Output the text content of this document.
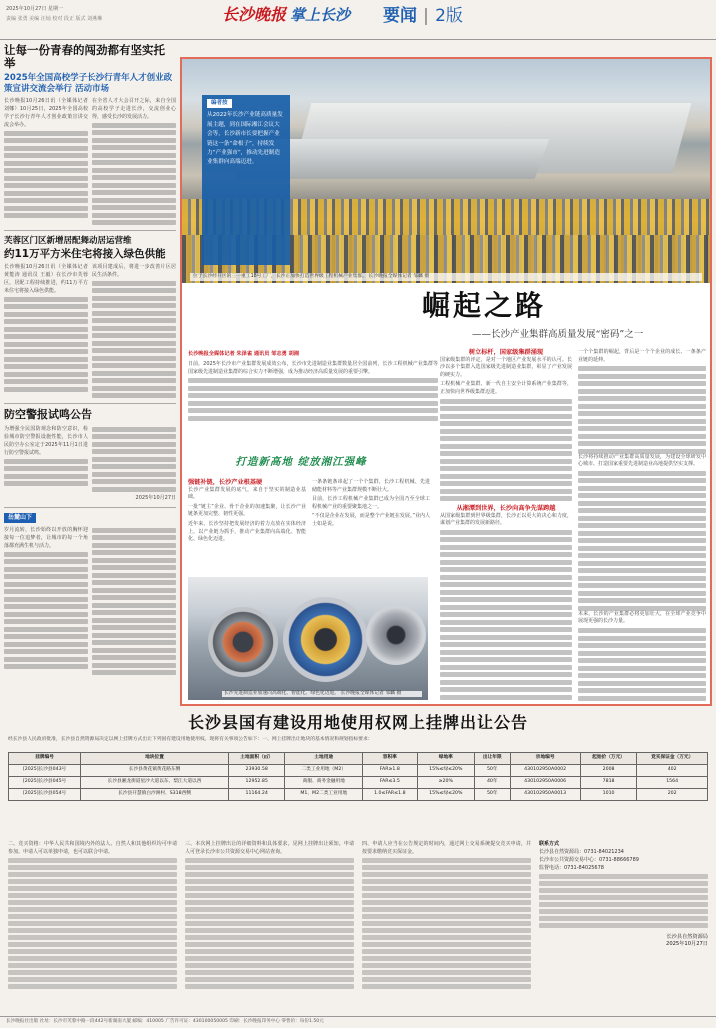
2025年10月27日 星期一
责编 张勇 美编 汪灿 校对 段正 版式 刘燕琳	长沙晚报 掌上长沙 要闻 | 2版
让每一份青春的闯劲都有坚实托举
2025年全国高校学子长沙行青年人才创业政策宣讲交流会举行 活动市场
长沙晚报10月26日讯（全媒体记者 刘娜）10月25日，2025年全国高校学子长沙行青年人才创业政策宣讲交流会举办。
在全省人才大会召开之际，来自全国的高校学子走进长沙，交流创业心得，感受长沙的发展活力。
芙蓉区门区新增居配舞动居运营维
约11万平方米住宅将接入绿色供能
长沙晚报10月26日讯（全媒体记者 黄能涛 通讯员 王毅）在长沙市芙蓉区，居配工程持续推进，约11万平方米住宅将接入绿色供能。
该项目建成后，将进一步改善片区居民生活条件。
防空警报试鸣公告
为增强全民国防观念和防空意识，检验城市防空警报设施性能，长沙市人民防空办公室定于2025年11月1日进行防空警报试鸣。
2025年10月27日
岳麓山下
岁月流转，长沙始终以开放的胸怀迎接每一位追梦者，让城市的每一个角落都充满生机与活力。
位于长沙经开区的三一重工18号工厂，长沙正加快打造世界级工程机械产业集群。 长沙晚报全媒体记者 邹麟 摄
编者按
从2022年长沙产业链高质量发展主题，到在国际湘江会议大会等，长沙新市长要把握产业链这一条“命根子”，持续发力“产业强市”，推动先进制造业集群向高端迈进。
崛起之路
——长沙产业集群高质量发展“密码”之一
长沙晚报全媒体记者 朱泽雀 通讯员 邹志勇 胡湘

日前，2025年长沙市产业集群发展成效公布，长沙市先进制造业集群数量居全国前列，长沙工程机械产业集群等国家级先进制造业集群的综合实力不断增强，成为推动经济高质量发展的重要引擎。

打造新高地 绽放湘江强峰
强链补链，长沙产业根基硬

长沙产业集群发展的底气，来自于坚实的制造业基础。

一批“链主”企业、骨干企业的加速集聚，让长沙产业链条更加完整、韧性更强。

近年来，长沙坚持把发展经济的着力点放在实体经济上，以产业链为抓手，推动产业集群向高端化、智能化、绿色化迈进。

一条条链条串起了一个个集群，长沙工程机械、先进储能材料等产业集群规模不断壮大。

目前，长沙工程机械产业集群已成为全国乃至全球工程机械产业的重要聚集地之一。

“不仅是企业在发展，而是整个产业链在发展。”业内人士如是说。

树立标杆，国家级集群涌现

国家级集群的评定，是对一个地区产业发展水平的认可。长沙以多个集群入选国家级先进制造业集群，彰显了产业发展的硬实力。

工程机械产业集群、新一代自主安全计算系统产业集群等，正加快向世界级集群迈进。

从湘潭到世界，长沙向高争先谋跨越

从国家级集群到世界级集群，长沙正以更大的决心和力度，谋划产业集群的发展新路径。

一个个集群的崛起，背后是一个个企业的成长、一条条产业链的延伸。

长沙将持续推动产业集群高质量发展，为建设全球研发中心城市、打造国家重要先进制造业高地提供坚实支撑。

未来，长沙的产业集群必将更加壮大，在全球产业竞争中展现更强的长沙力量。

长沙先进制造业加速向高端化、智能化、绿色化迈进。 长沙晚报全媒体记者 邹麟 摄
长沙县国有建设用地使用权网上挂牌出让公告
经长沙县人民政府批准，长沙县自然资源局决定以网上挂牌方式出让下列国有建设用地使用权。现将有关事项公告如下：一、网上挂牌出让地块的基本情况和规划指标要求：
挂牌编号	地块位置	土地面积（㎡）	土地用途	容积率	绿地率	出让年限	宗地编号	起始价（万元）	竞买保证金（万元）
[2025]长沙县043号	长沙县黄花镇黄花路东侧	23930.58	二类工业用地（M2）	FAR≥1.8	15%≤绿≤20%	50年	430102950A0002	2008	402
[2025]长沙县045号	长沙县湘龙街道星沙大道以东、梨江大道以西	12952.85	商服、商务金融用地	FAR≤3.5	≥20%	40年	430102950A0006	7818	1564
[2025]长沙县054号	长沙县开慧镇白沙洲村、S318西侧	11164.24	M1、M2二类工业用地	1.0≤FAR≤1.8	15%≤绿≤20%	50年	430102950A0013	1010	202
二、竞买资格：中华人民共和国境内外的法人、自然人和其他组织均可申请参加。申请人可以单独申请，也可以联合申请。
三、本次网上挂牌出让的详细资料和具体要求，见网上挂牌出让须知。申请人可登录长沙市公共资源交易中心网站查询。
四、申请人应当在公告规定的时间内，通过网上交易系统提交竞买申请，并按要求缴纳竞买保证金。
联系方式
长沙县自然资源局：0731-84021234
长沙市公共资源交易中心：0731-88666789
监督电话：0731-84025678
长沙县自然资源局
2025年10月27日
长沙晚报社出版 社址：长沙市芙蓉中路一段442号新湖南大厦 邮编：410005 广告许可证：430100050005 印刷：长沙晚报印务中心 零售价：每份1.50元
